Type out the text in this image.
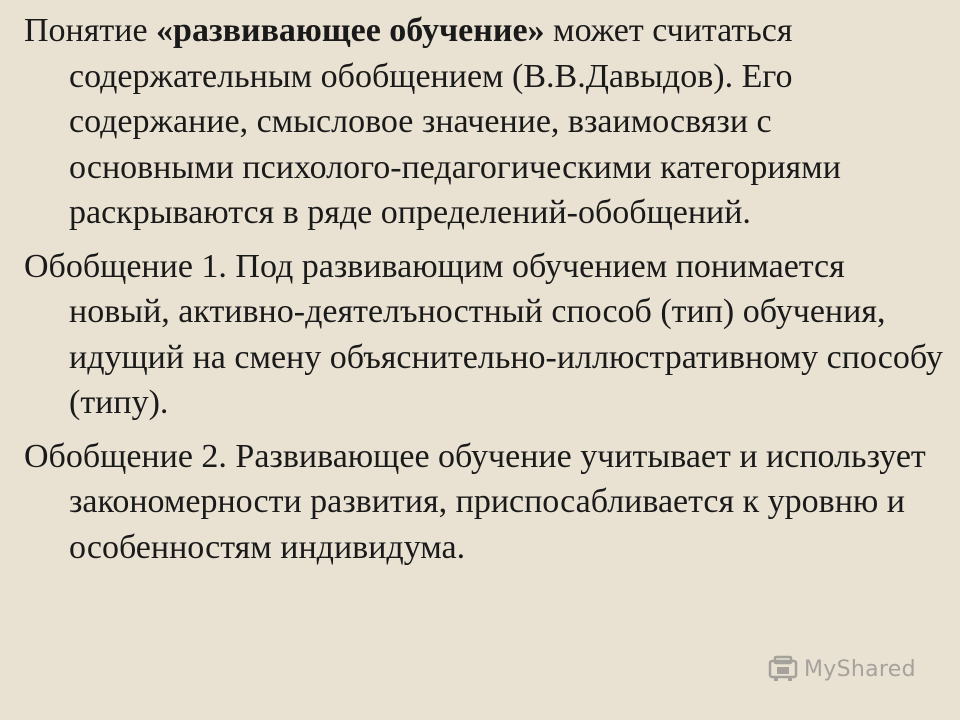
Понятие «развивающее обучение» может считаться содержательным обобщением (В.В.Давыдов). Его содержание, смысловое значение, взаимосвязи с основными психолого-педагогическими категориями раскрываются в ряде определений-обобщений.

Обобщение 1. Под развивающим обучением понимается новый, активно-деятелъностный способ (тип) обучения, идущий на смену объяснительно-иллюстративному способу (типу).

Обобщение 2. Развивающее обучение учитывает и использует закономерности развития, приспосабливается к уровню и особенностям индивидума.

MyShared
